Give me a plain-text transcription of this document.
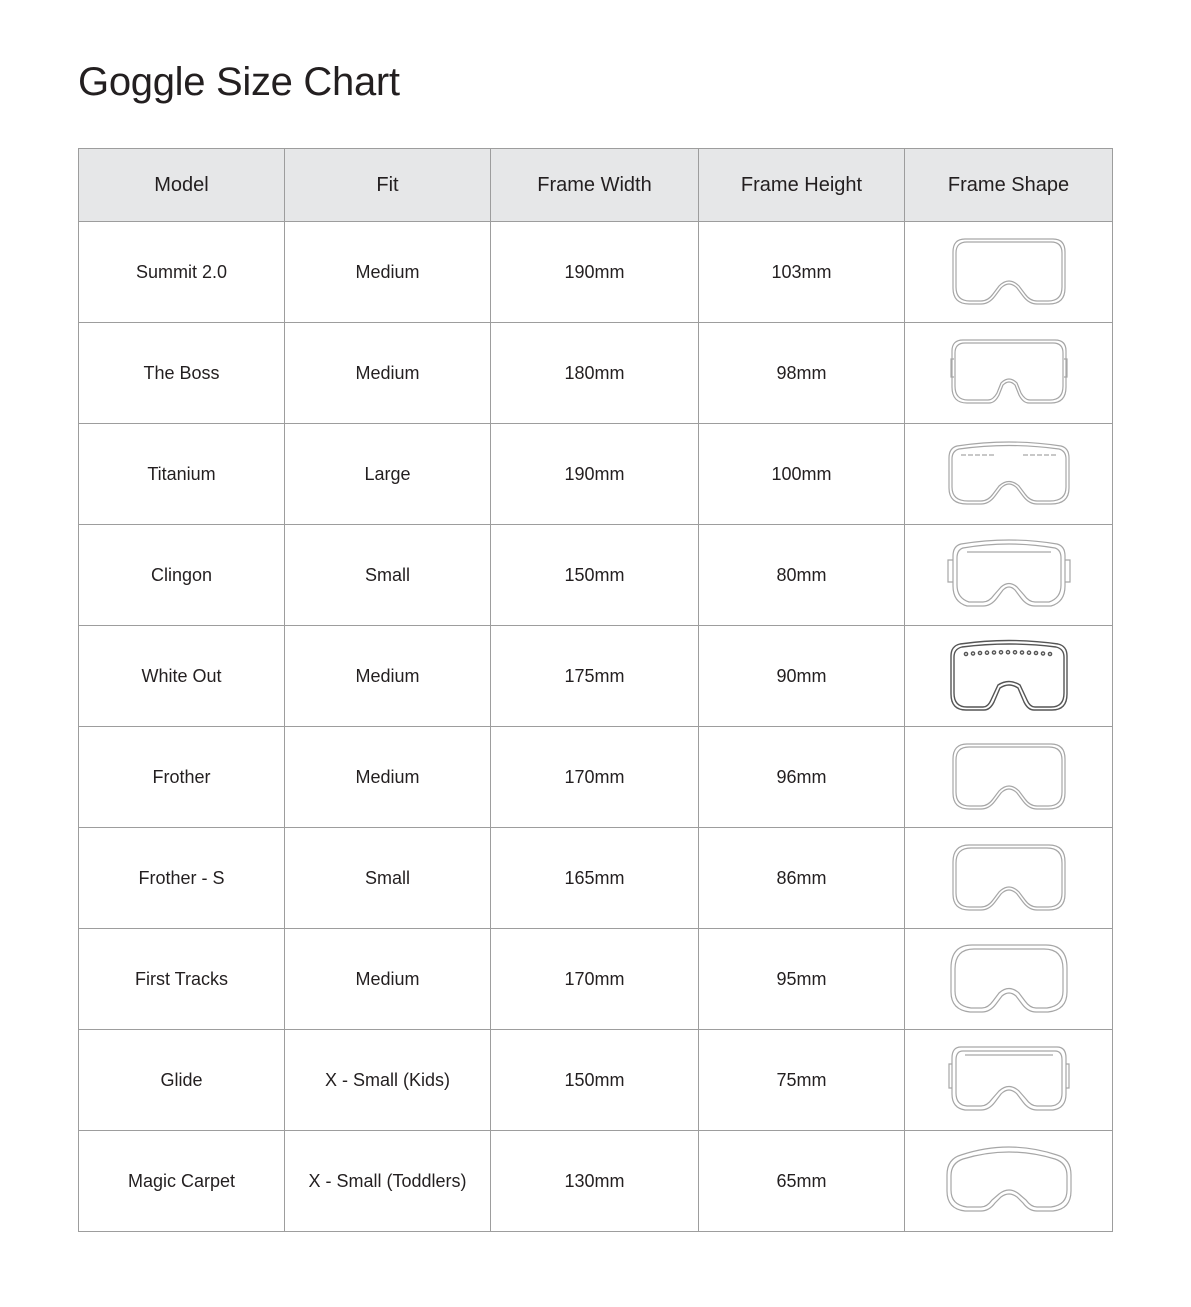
Goggle Size Chart
Model	Fit	Frame Width	Frame Height	Frame Shape
Summit 2.0	Medium	190mm	103mm	

The Boss	Medium	180mm	98mm	

Titanium	Large	190mm	100mm	

Clingon	Small	150mm	80mm	

White Out	Medium	175mm	90mm	

Frother	Medium	170mm	96mm	

Frother - S	Small	165mm	86mm	

First Tracks	Medium	170mm	95mm	

Glide	X - Small (Kids)	150mm	75mm	

Magic Carpet	X - Small (Toddlers)	130mm	65mm	
